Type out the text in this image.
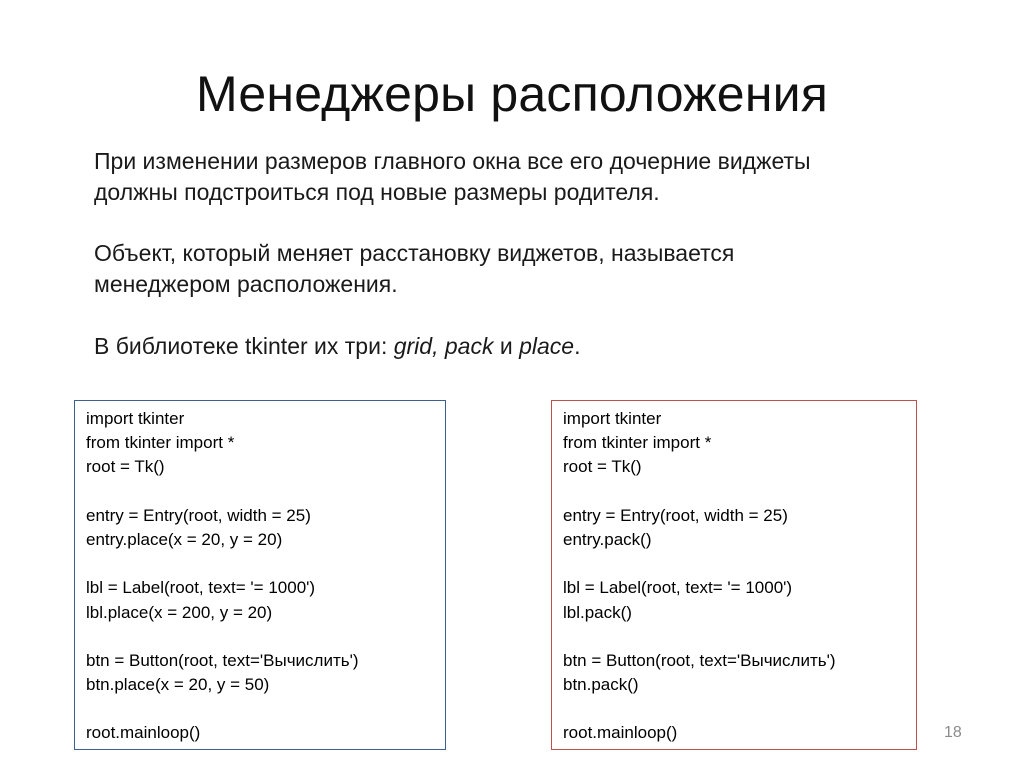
Менеджеры расположения

При изменении размеров главного окна все его дочерние виджеты
должны подстроиться под новые размеры родителя.

Объект, который меняет расстановку виджетов, называется
менеджером расположения.

В библиотеке tkinter их три: grid, pack и place.

import tkinter
from tkinter import *
root = Tk()
entry = Entry(root, width = 25)
entry.place(x = 20, y = 20)
lbl = Label(root, text= '= 1000')
lbl.place(x = 200, y = 20)
btn = Button(root, text='Вычислить')
btn.place(x = 20, y = 50)
root.mainloop()
import tkinter
from tkinter import *
root = Tk()
entry = Entry(root, width = 25)
entry.pack()
lbl = Label(root, text= '= 1000')
lbl.pack()
btn = Button(root, text='Вычислить')
btn.pack()
root.mainloop()	18
